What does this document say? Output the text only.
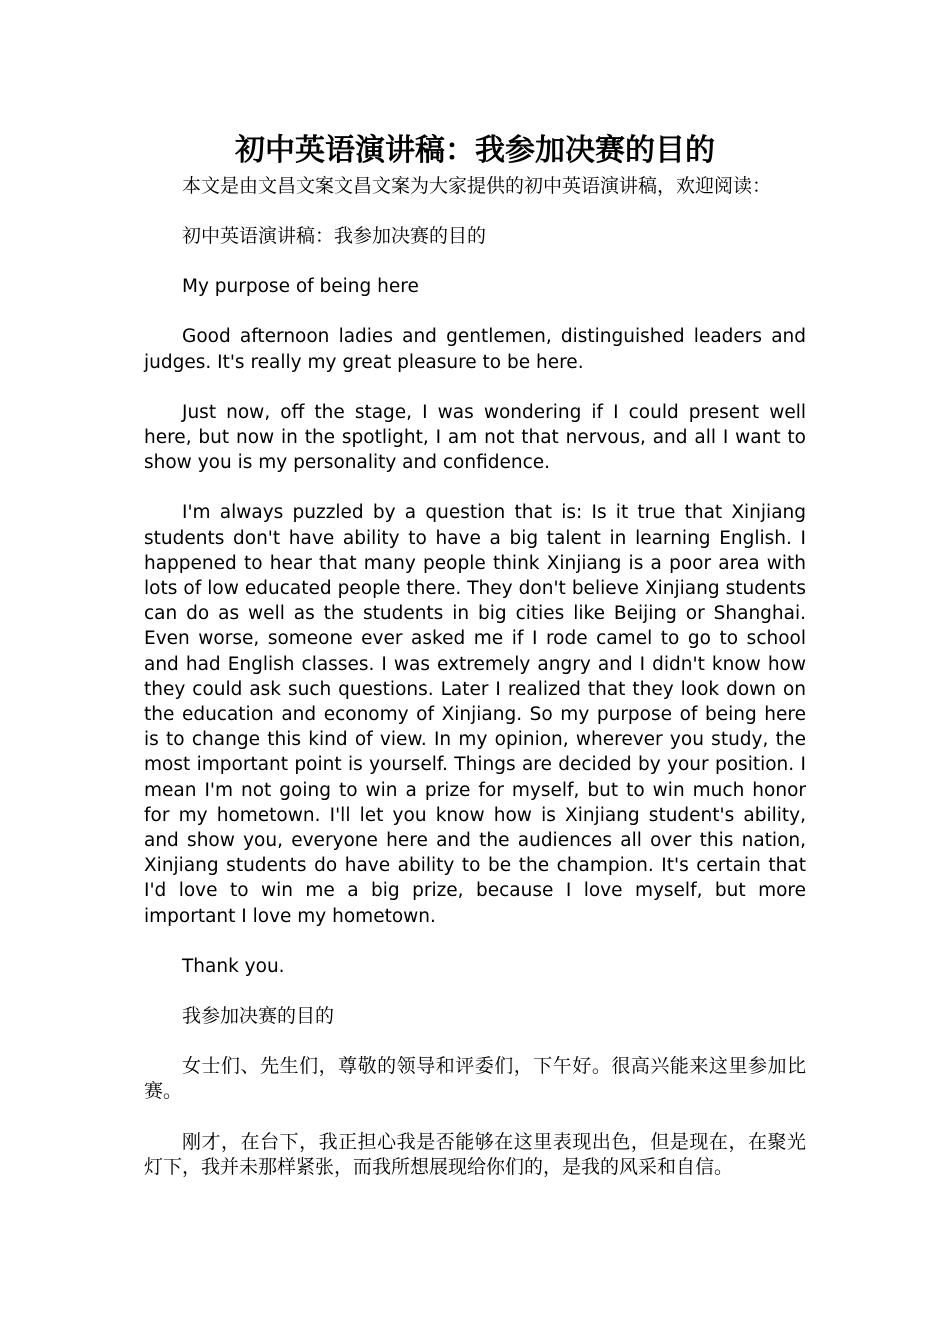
初中英语演讲稿：我参加决赛的目的

本文是由文昌文案文昌文案为大家提供的初中英语演讲稿，欢迎阅读：

初中英语演讲稿：我参加决赛的目的

My purpose of being here

Good afternoon ladies and gentlemen, distinguished leaders and judges. It's really my great pleasure to be here.

Just now, off the stage, I was wondering if I could present well here, but now in the spotlight, I am not that nervous, and all I want to show you is my personality and confidence.

I'm always puzzled by a question that is: Is it true that Xinjiang students don't have ability to have a big talent in learning English. I happened to hear that many people think Xinjiang is a poor area with lots of low educated people there. They don't believe Xinjiang students can do as well as the students in big cities like Beijing or Shanghai. Even worse, someone ever asked me if I rode camel to go to school and had English classes. I was extremely angry and I didn't know how they could ask such questions. Later I realized that they look down on the education and economy of Xinjiang. So my purpose of being here is to change this kind of view. In my opinion, wherever you study, the most important point is yourself. Things are decided by your position. I mean I'm not going to win a prize for myself, but to win much honor for my hometown. I'll let you know how is Xinjiang student's ability, and show you, everyone here and the audiences all over this nation, Xinjiang students do have ability to be the champion. It's certain that I'd love to win me a big prize, because I love myself, but more important I love my hometown.

Thank you.

我参加决赛的目的

女士们、先生们，尊敬的领导和评委们，下午好。很高兴能来这里参加比赛。

刚才，在台下，我正担心我是否能够在这里表现出色，但是现在，在聚光灯下，我并未那样紧张，而我所想展现给你们的，是我的风采和自信。
